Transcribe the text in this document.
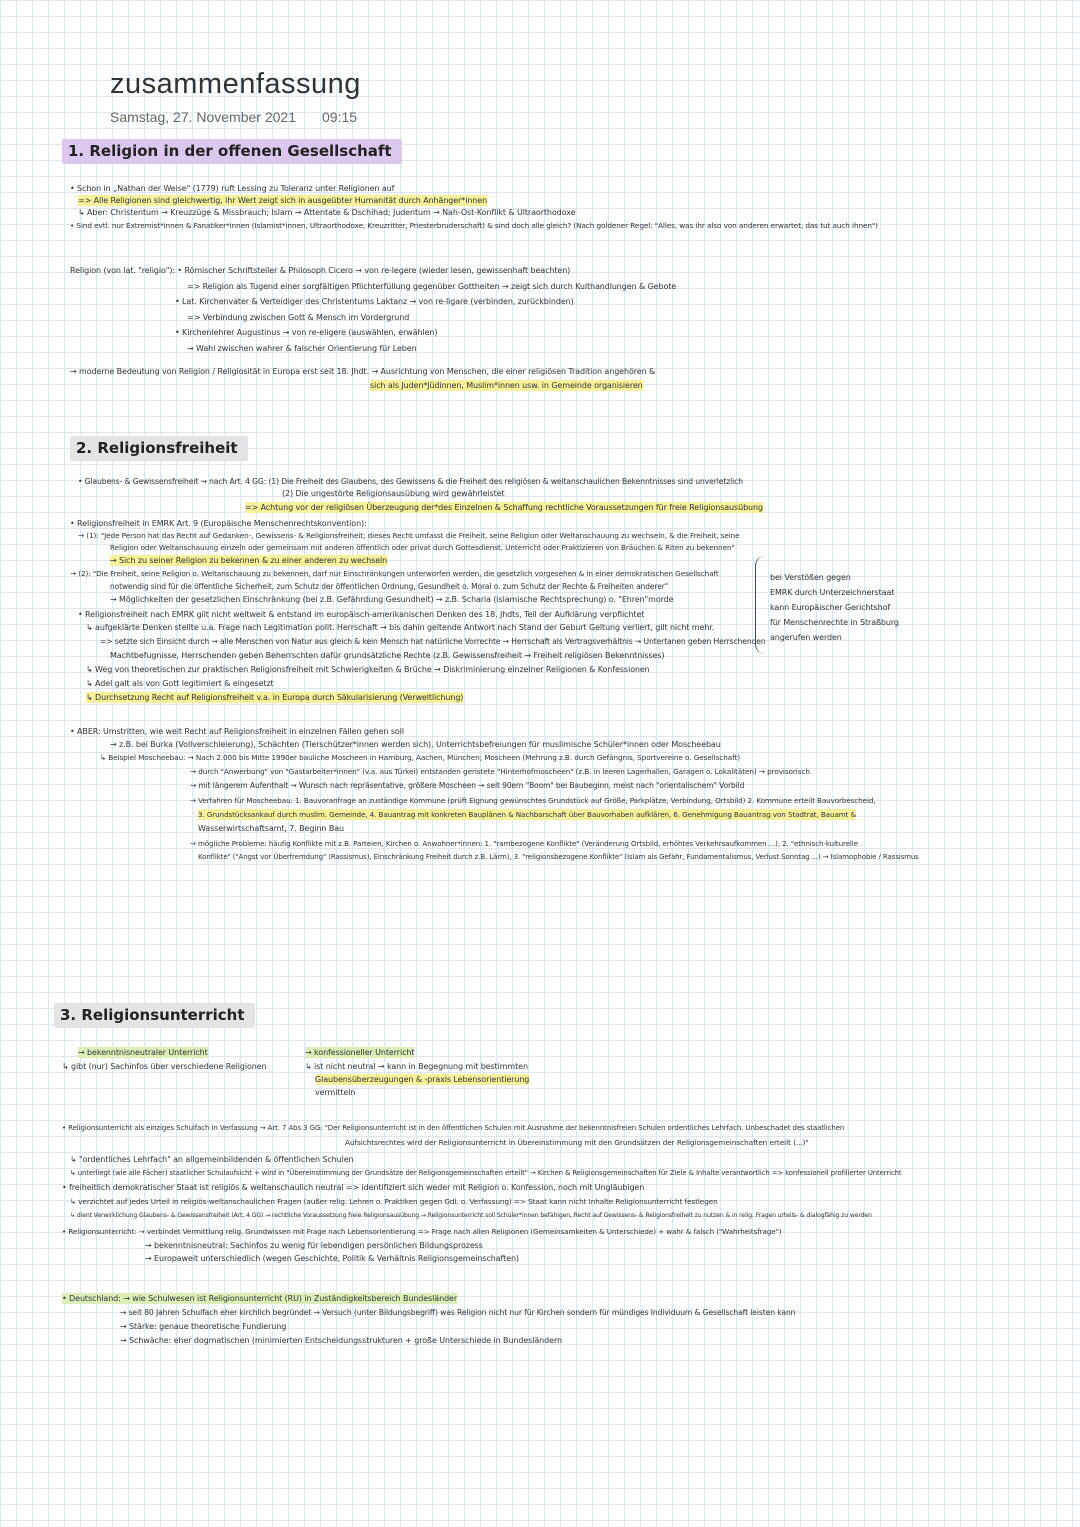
zusammenfassung
Samstag, 27. November 2021 09:15
1. Religion in der offenen Gesellschaft
• Schon in „Nathan der Weise" (1779) ruft Lessing zu Toleranz unter Religionen auf
=> Alle Religionen sind gleichwertig, ihr Wert zeigt sich in ausgeübter Humanität durch Anhänger*innen
↳ Aber: Christentum → Kreuzzüge & Missbrauch; Islam → Attentate & Dschihad; Judentum → Nah-Ost-Konflikt & Ultraorthodoxe
• Sind evtl. nur Extremist*innen & Fanatiker*innen (Islamist*innen, Ultraorthodoxe, Kreuzritter, Priesterbruderschaft) & sind doch alle gleich? (Nach goldener Regel: "Alles, was ihr also von anderen erwartet, das tut auch ihnen")
Religion (von lat. "religio"): • Römischer Schriftsteller & Philosoph Cicero → von re-legere (wieder lesen, gewissenhaft beachten)
=> Religion als Tugend einer sorgfältigen Pflichterfüllung gegenüber Gottheiten → zeigt sich durch Kulthandlungen & Gebote
• Lat. Kirchenvater & Verteidiger des Christentums Laktanz → von re-ligare (verbinden, zurückbinden)
=> Verbindung zwischen Gott & Mensch im Vordergrund
• Kirchenlehrer Augustinus → von re-eligere (auswählen, erwählen)
→ Wahl zwischen wahrer & falscher Orientierung für Leben
→ moderne Bedeutung von Religion / Religiosität in Europa erst seit 18. Jhdt. → Ausrichtung von Menschen, die einer religiösen Tradition angehören &
sich als Juden*Jüdinnen, Muslim*innen usw. in Gemeinde organisieren
2. Religionsfreiheit
• Glaubens- & Gewissensfreiheit → nach Art. 4 GG: (1) Die Freiheit des Glaubens, des Gewissens & die Freiheit des religiösen & weltanschaulichen Bekenntnisses sind unverletzlich
(2) Die ungestörte Religionsausübung wird gewährleistet
=> Achtung vor der religiösen Überzeugung der*des Einzelnen & Schaffung rechtliche Voraussetzungen für freie Religionsausübung
• Religionsfreiheit in EMRK Art. 9 (Europäische Menschenrechtskonvention):
→ (1): "Jede Person hat das Recht auf Gedanken-, Gewissens- & Religionsfreiheit; dieses Recht umfasst die Freiheit, seine Religion oder Weltanschauung zu wechseln, & die Freiheit, seine
Religion oder Weltanschauung einzeln oder gemeinsam mit anderen öffentlich oder privat durch Gottesdienst, Unterricht oder Praktizieren von Bräuchen & Riten zu bekennen"
→ Sich zu seiner Religion zu bekennen & zu einer anderen zu wechseln
→ (2): "Die Freiheit, seine Religion o. Weltanschauung zu bekennen, darf nur Einschränkungen unterworfen werden, die gesetzlich vorgesehen & in einer demokratischen Gesellschaft
notwendig sind für die öffentliche Sicherheit, zum Schutz der öffentlichen Ordnung, Gesundheit o. Moral o. zum Schutz der Rechte & Freiheiten anderer"
→ Möglichkeiten der gesetzlichen Einschränkung (bei z.B. Gefährdung Gesundheit) → z.B. Scharia (islamische Rechtsprechung) o. "Ehren"morde
• Religionsfreiheit nach EMRK gilt nicht weltweit & entstand im europäisch-amerikanischen Denken des 18. Jhdts, Teil der Aufklärung verpflichtet
↳ aufgeklärte Denken stellte u.a. Frage nach Legitimation polit. Herrschaft → bis dahin geltende Antwort nach Stand der Geburt Geltung verliert, gilt nicht mehr.
=> setzte sich Einsicht durch → alle Menschen von Natur aus gleich & kein Mensch hat natürliche Vorrechte → Herrschaft als Vertragsverhältnis → Untertanen geben Herrschenden
Machtbefugnisse, Herrschenden geben Beherrschten dafür grundsätzliche Rechte (z.B. Gewissensfreiheit → Freiheit religiösen Bekenntnisses)
↳ Weg von theoretischen zur praktischen Religionsfreiheit mit Schwierigkeiten & Brüche → Diskriminierung einzelner Religionen & Konfessionen
↳ Adel galt als von Gott legitimiert & eingesetzt
↳ Durchsetzung Recht auf Religionsfreiheit v.a. in Europa durch Säkularisierung (Verweltlichung)
• ABER: Umstritten, wie weit Recht auf Religionsfreiheit in einzelnen Fällen gehen soll
→ z.B. bei Burka (Vollverschleierung), Schächten (Tierschützer*innen werden sich), Unterrichtsbefreiungen für muslimische Schüler*innen oder Moscheebau
↳ Beispiel Moscheebau: → Nach 2.000 bis Mitte 1990er bauliche Moscheen in Hamburg, Aachen, München; Moscheen (Mehrung z.B. durch Gefängnis, Sportvereine o. Gesellschaft)
→ durch "Anwerbung" von "Gastarbeiter*innen" (v.a. aus Türkei) entstanden geristete "Hinterhofmoscheen" (z.B. in leeren Lagerhallen, Garagen o. Lokalitäten) → provisorisch
→ mit längerem Aufenthalt → Wunsch nach repräsentative, größere Moscheen → seit 90ern "Boom" bei Baubeginn, meist nach "orientalischem" Vorbild
→ Verfahren für Moscheebau: 1. Bauvoranfrage an zuständige Kommune (prüft Eignung gewünschtes Grundstück auf Größe, Parkplätze, Verbindung, Ortsbild) 2. Kommune erteilt Bauvorbescheid,
3. Grundstücksankauf durch muslim. Gemeinde, 4. Bauantrag mit konkreten Bauplänen & Nachbarschaft über Bauvorhaben aufklären, 6. Genehmigung Bauantrag von Stadtrat, Bauamt &
Wasserwirtschaftsamt, 7. Beginn Bau
→ mögliche Probleme: häufig Konflikte mit z.B. Parteien, Kirchen o. Anwohner*innen: 1. "rambezogene Konflikte" (Veränderung Ortsbild, erhöhtes Verkehrsaufkommen ...), 2. "ethnisch-kulturelle
Konflikte" ("Angst vor Überfremdung" (Rassismus), Einschränkung Freiheit durch z.B. Lärm), 3. "religionsbezogene Konflikte" (Islam als Gefahr, Fundamentalismus, Verlust Sonntag ...) → Islamophobie / Rassismus
bei Verstößen gegen
EMRK durch Unterzeichnerstaat
kann Europäischer Gerichtshof
für Menschenrechte in Straßburg
angerufen werden
3. Religionsunterricht
→ bekenntnisneutraler Unterricht
↳ gibt (nur) Sachinfos über verschiedene Religionen
→ konfessioneller Unterricht
↳ ist nicht neutral → kann in Begegnung mit bestimmten
Glaubensüberzeugungen & -praxis Lebensorientierung
vermitteln
• Religionsunterricht als einziges Schulfach in Verfassung → Art. 7 Abs 3 GG: "Der Religionsunterricht ist in den öffentlichen Schulen mit Ausnahme der bekenntnisfreien Schulen ordentliches Lehrfach. Unbeschadet des staatlichen
Aufsichtsrechtes wird der Religionsunterricht in Übereinstimmung mit den Grundsätzen der Religionsgemeinschaften erteilt (...)"
↳ "ordentliches Lehrfach" an allgemeinbildenden & öffentlichen Schulen
↳ unterliegt (wie alle Fächer) staatlicher Schulaufsicht + wird in "Übereinstimmung der Grundsätze der Religionsgemeinschaften erteilt" → Kirchen & Religionsgemeinschaften für Ziele & Inhalte verantwortlich => konfessionell profilierter Unterricht
• freiheitlich demokratischer Staat ist religiös & weltanschaulich neutral => identifiziert sich weder mit Religion o. Konfession, noch mit Ungläubigen
↳ verzichtet auf jedes Urteil in religiös-weltanschaulichen Fragen (außer relig. Lehren o. Praktiken gegen Gdl. o. Verfassung) => Staat kann nicht Inhalte Religionsunterricht festlegen
↳ dient Verwirklichung Glaubens- & Gewissensfreiheit (Art. 4 GG) → rechtliche Voraussetzung freie Religionsausübung → Religionsunterricht soll Schüler*innen befähigen, Recht auf Gewissens- & Religionsfreiheit zu nutzen & in relig. Fragen urteils- & dialogfähig zu werden
• Religionsunterricht: → verbindet Vermittlung relig. Grundwissen mit Frage nach Lebensorientierung => Frage nach allen Religionen (Gemeinsamkeiten & Unterschiede) + wahr & falsch ("Wahrheitsfrage")
→ bekenntnisneutral: Sachinfos zu wenig für lebendigen persönlichen Bildungsprozess
→ Europaweit unterschiedlich (wegen Geschichte, Politik & Verhältnis Religionsgemeinschaften)
• Deutschland: → wie Schulwesen ist Religionsunterricht (RU) in Zuständigkeitsbereich Bundesländer
→ seit 80 Jahren Schulfach eher kirchlich begründet → Versuch (unter Bildungsbegriff) was Religion nicht nur für Kirchen sondern für mündiges Individuum & Gesellschaft leisten kann
→ Stärke: genaue theoretische Fundierung
→ Schwäche: eher dogmatischen (minimierten Entscheidungsstrukturen + große Unterschiede in Bundesländern
